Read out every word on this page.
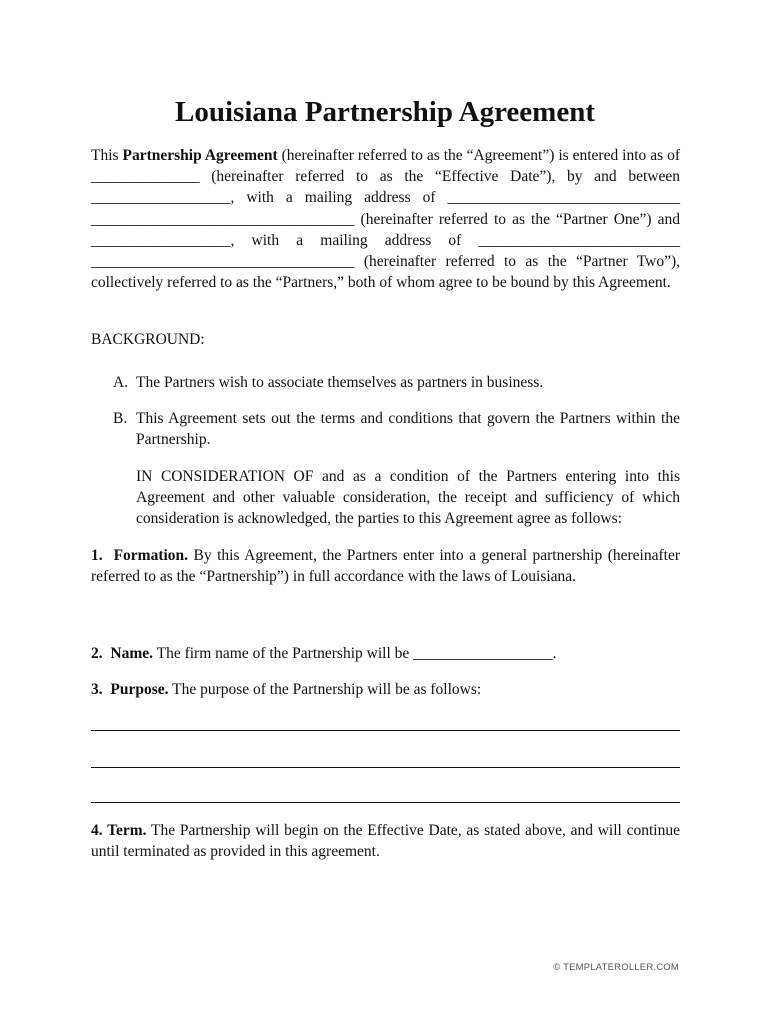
Louisiana Partnership Agreement
This Partnership Agreement (hereinafter referred to as the “Agreement”) is entered into as of ______________ (hereinafter referred to as the “Effective Date”), by and between __________________, with a mailing address of ______________________________ __________________________________ (hereinafter referred to as the “Partner One”) and __________________, with a mailing address of __________________________ __________________________________ (hereinafter referred to as the “Partner Two”), collectively referred to as the “Partners,” both of whom agree to be bound by this Agreement.
BACKGROUND:
A. The Partners wish to associate themselves as partners in business.
B. This Agreement sets out the terms and conditions that govern the Partners within the Partnership.
IN CONSIDERATION OF and as a condition of the Partners entering into this Agreement and other valuable consideration, the receipt and sufficiency of which consideration is acknowledged, the parties to this Agreement agree as follows:
1.  Formation. By this Agreement, the Partners enter into a general partnership (hereinafter referred to as the “Partnership”) in full accordance with the laws of Louisiana.
2.  Name. The firm name of the Partnership will be __________________.
3.  Purpose. The purpose of the Partnership will be as follows:
4. Term. The Partnership will begin on the Effective Date, as stated above, and will continue until terminated as provided in this agreement.
© TEMPLATEROLLER.COM
